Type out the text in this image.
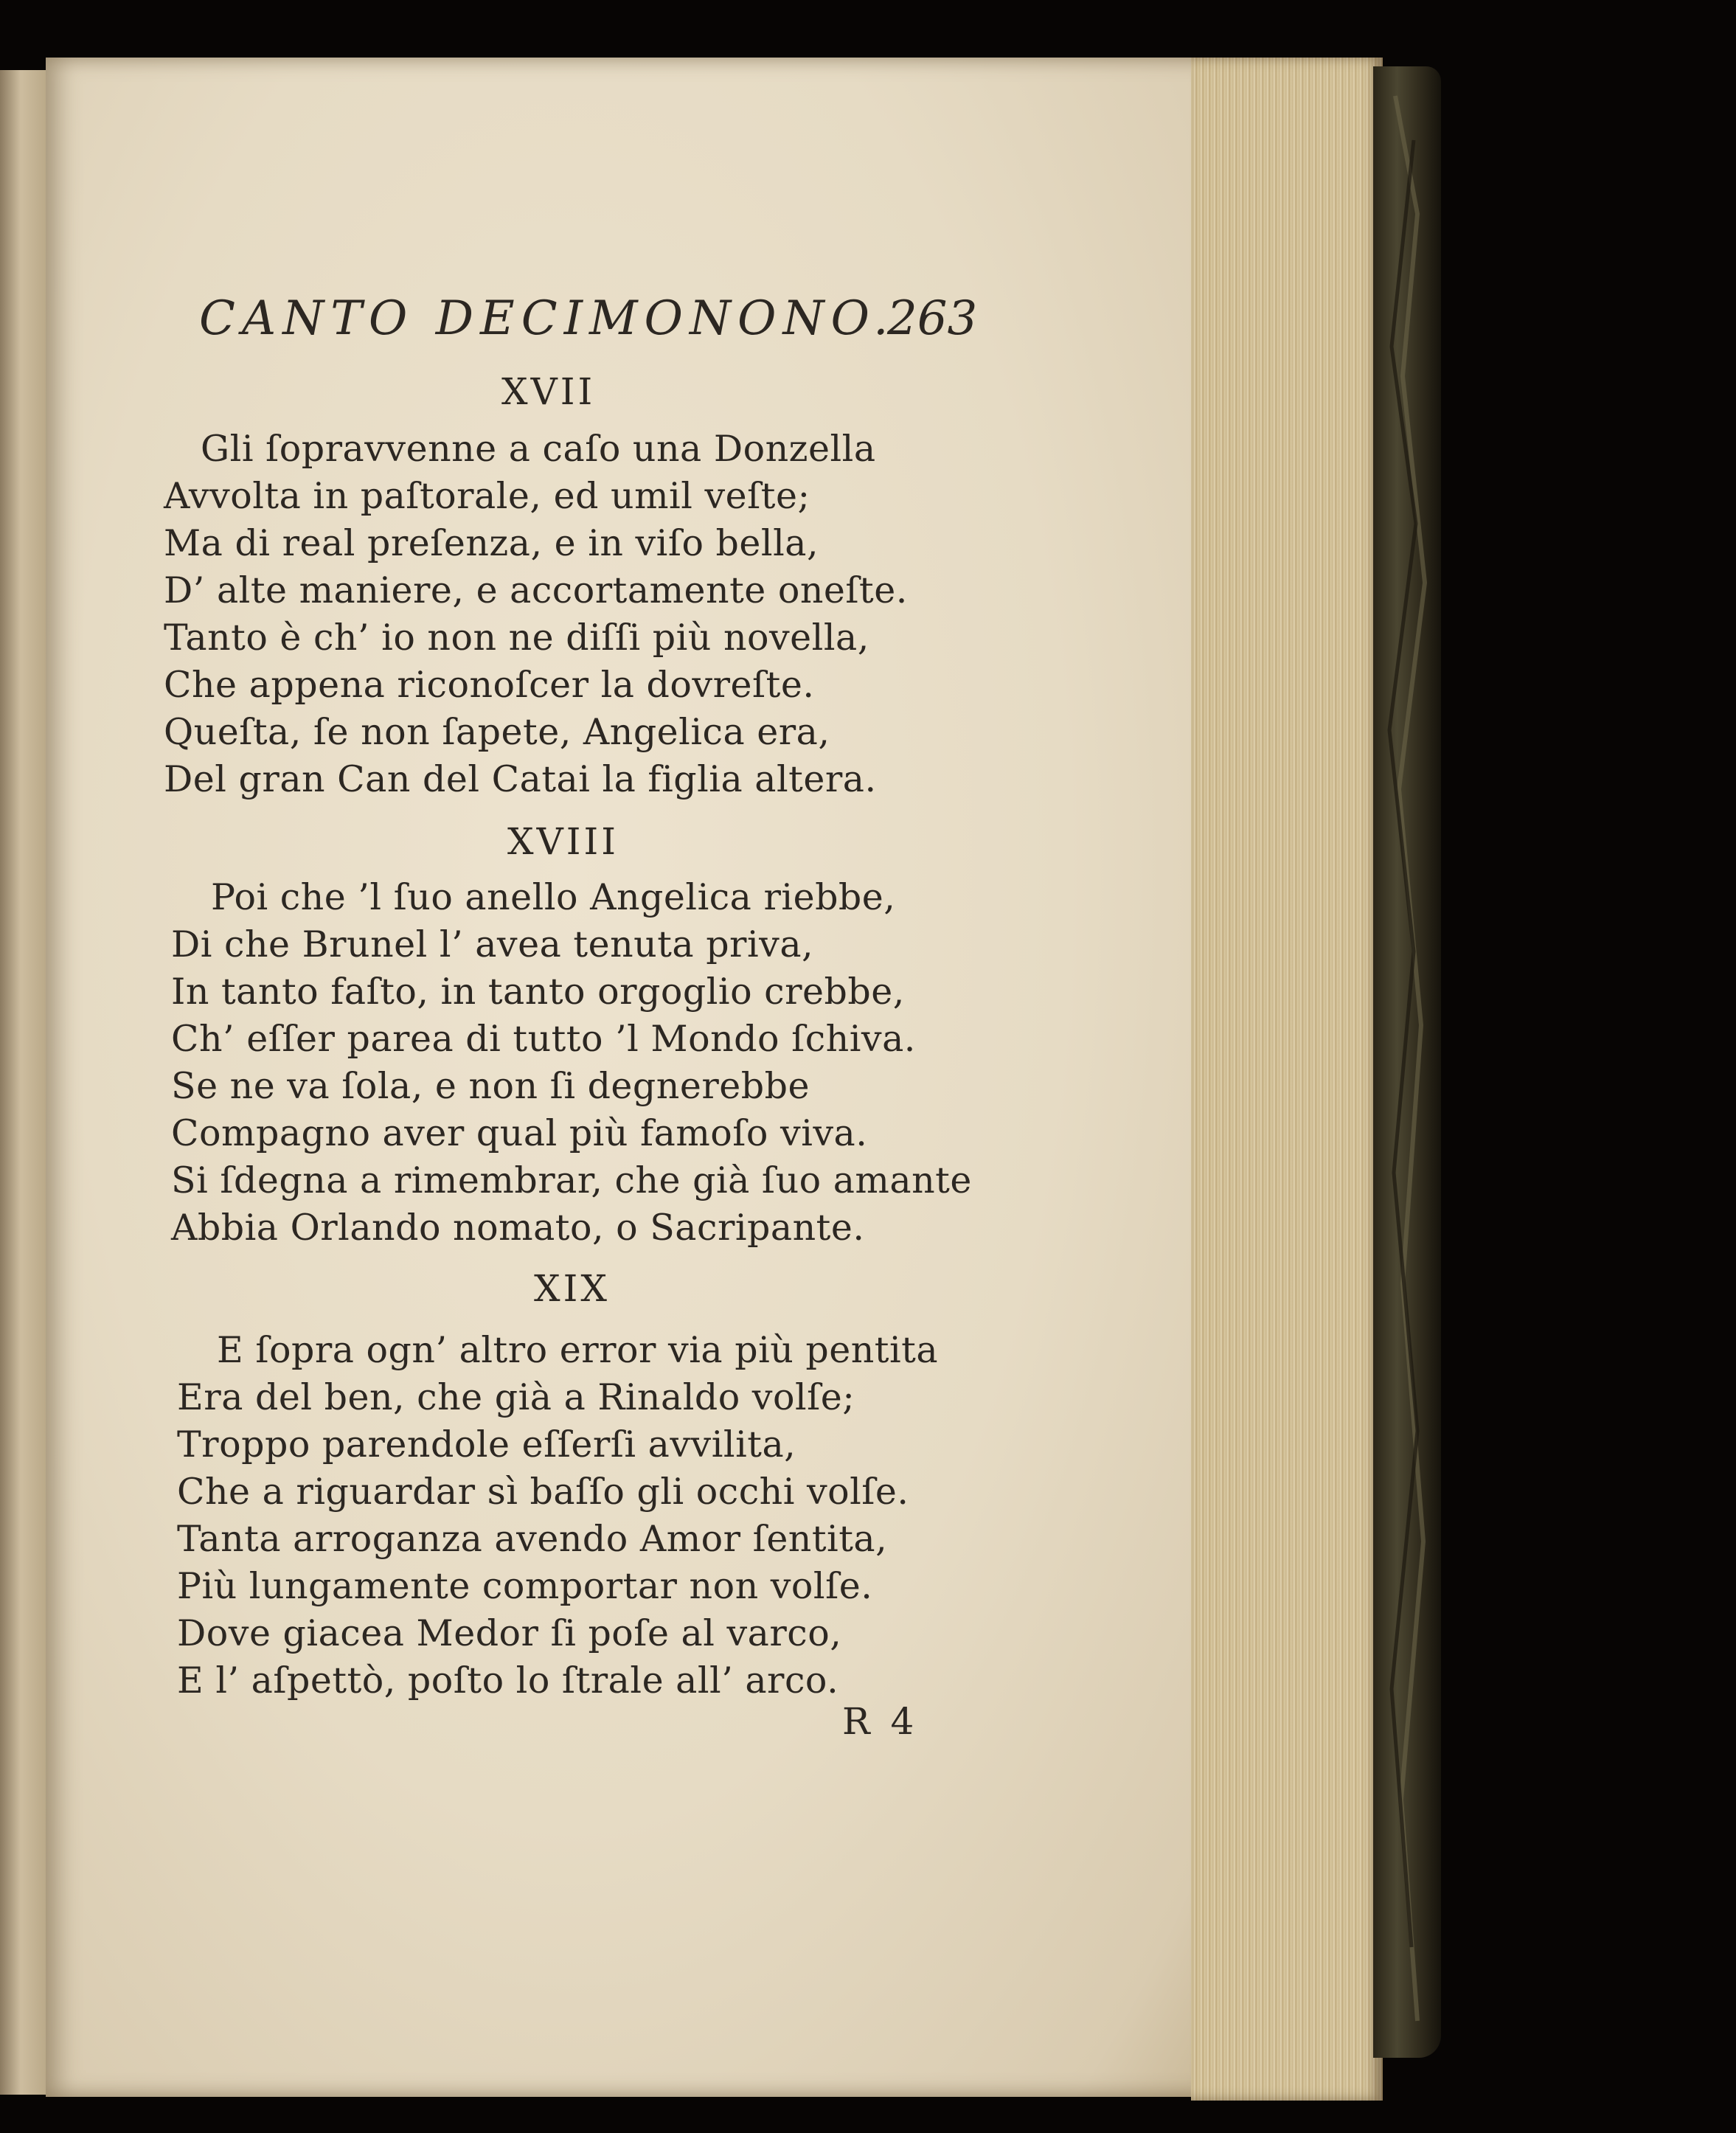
CANTO DECIMONONO.
263
XVII
Gli ſopravvenne a caſo una Donzella
Avvolta in paſtorale, ed umil veſte;
Ma di real preſenza, e in viſo bella,
D’ alte maniere, e accortamente oneſte.
Tanto è ch’ io non ne diſſi più novella,
Che appena riconoſcer la dovreſte.
Queſta, ſe non ſapete, Angelica era,
Del gran Can del Catai la figlia altera.
XVIII
Poi che ’l ſuo anello Angelica riebbe,
Di che Brunel l’ avea tenuta priva,
In tanto faſto, in tanto orgoglio crebbe,
Ch’ eſſer parea di tutto ’l Mondo ſchiva.
Se ne va ſola, e non ſi degnerebbe
Compagno aver qual più famoſo viva.
Si ſdegna a rimembrar, che già ſuo amante
Abbia Orlando nomato, o Sacripante.
XIX
E ſopra ogn’ altro error via più pentita
Era del ben, che già a Rinaldo volſe;
Troppo parendole eſſerſi avvilita,
Che a riguardar sì baſſo gli occhi volſe.
Tanta arroganza avendo Amor ſentita,
Più lungamente comportar non volſe.
Dove giacea Medor ſi poſe al varco,
E l’ aſpettò, poſto lo ſtrale all’ arco.
R 4
